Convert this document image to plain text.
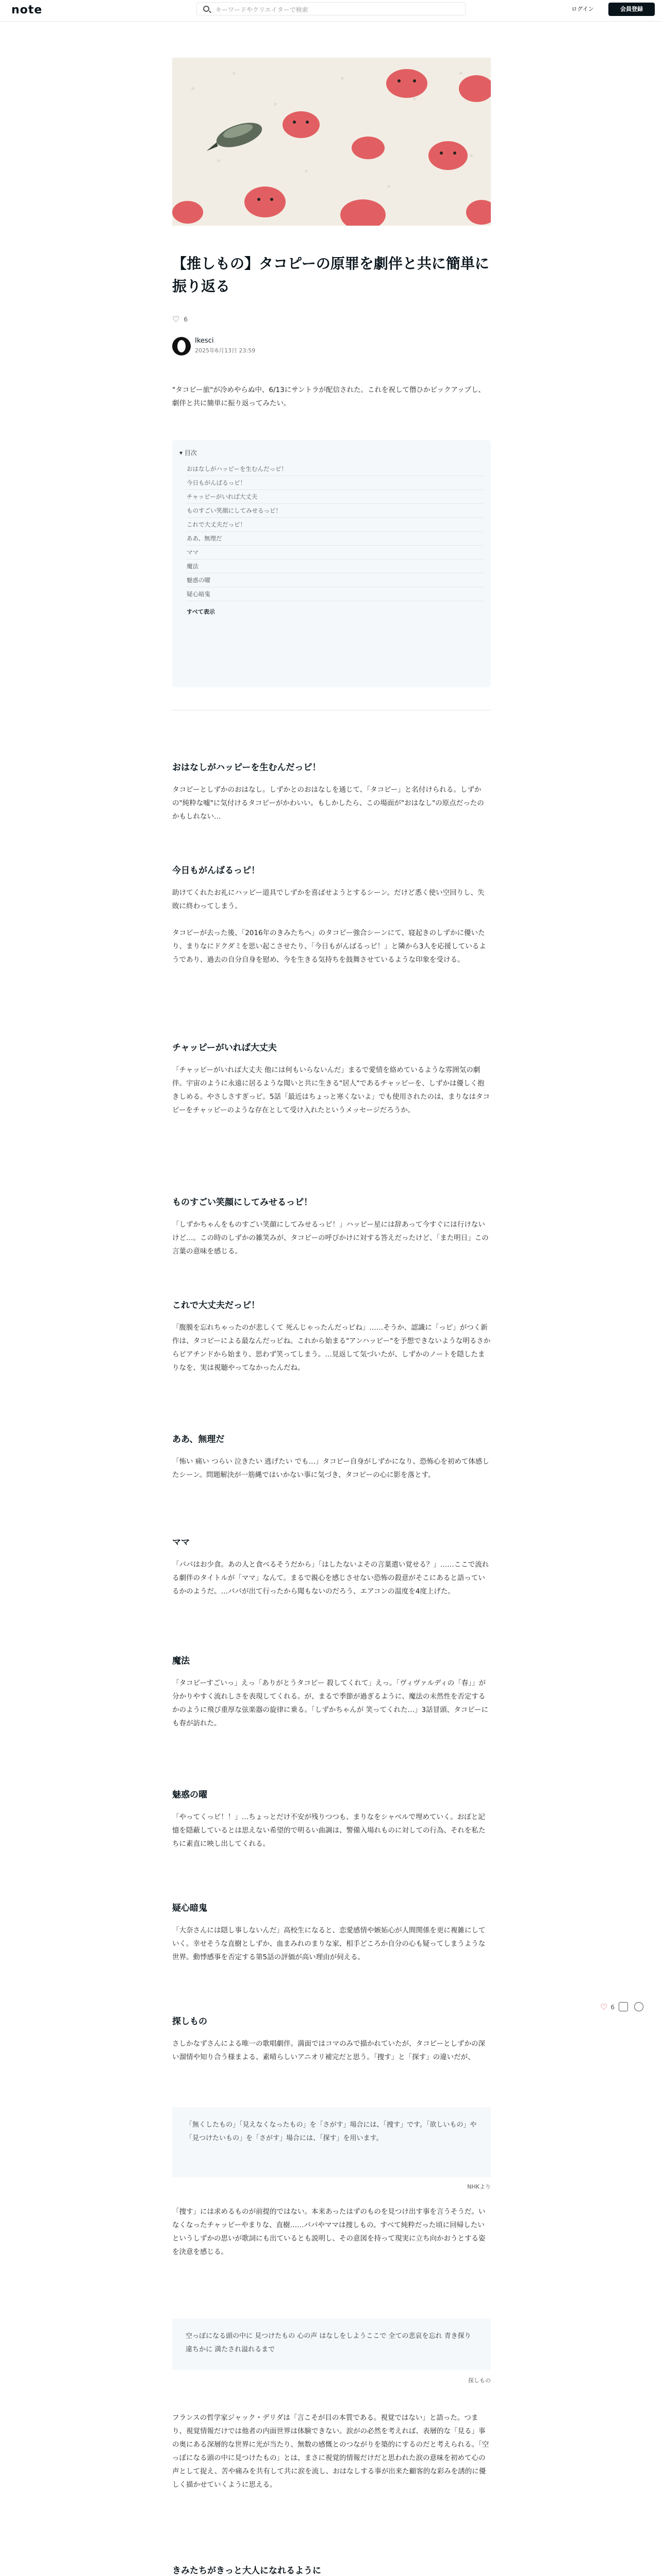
note	キーワードやクリエイターで検索	ログイン	会員登録
【推しもの】タコピーの原罪を劇伴と共に簡単に振り返る
♡ 6
Ikesci
2025年6月13日 23:59

"タコピー旅"が冷めやらぬ中、6/13にサントラが配信された。これを祝して僭ひかピックアップし、劇伴と共に簡単に振り返ってみたい。

▾ 目次
おはなしがハッピーを生むんだっピ！
今日もがんばるっピ！
チャッピーがいれば大丈夫
ものすごい笑顔にしてみせるっピ！
これで大丈夫だっピ！
ああ、無理だ
ママ
魔法
魅惑の曜
疑心暗鬼
すべて表示
おはなしがハッピーを生むんだっピ！

タコピーとしずかのおはなし。しずかとのおはなしを通じて、「タコピー」と名付けられる。しずかの"純粋な嘘"に気付けるタコピーがかわいい。もしかしたら、この場面が"おはなし"の原点だったのかもしれない…

今日もがんばるっピ！

助けてくれたお礼にハッピー道具でしずかを喜ばせようとするシーン。だけど悉く使い空回りし、失敗に終わってしまう。

タコピーが去った後、「2016年のきみたちへ」のタコピー強合シーンにて、寝起きのしずかに優いたり、まりなにドクダミを思い起こさせたり、「今日もがんばるっピ！」と隣から3人を応援しているようであり、過去の自分自身を慰め、今を生きる気持ちを鼓舞させているような印象を受ける。

チャッピーがいれば大丈夫

「チャッピーがいれば大丈夫 他には何もいらないんだ」まるで愛情を絡めているような雰囲気の劇伴。宇宙のように永遠に居るような聞いと共に生きる"居人"であるチャッピーを、しずかは優しく抱きしめる。やさしさすぎっピ。5話「最近はちょっと寒くないよ」でも使用されたのは、まりなはタコピーをチャッピーのような存在として受け入れたというメッセージだろうか。

ものすごい笑顔にしてみせるっピ！

「しずかちゃんをものすごい笑顔にしてみせるっピ！」ハッピー星には辞あって今すぐには行けないけど…。この時のしずかの雑笑みが、タコピーの呼びかけに対する答えだったけど、「また明日」この言葉の意味を感じる。

これで大丈夫だっピ！

「腹膜を忘れちゃったのが悲しくて 死んじゃったんだっピね」……そうか、認識に「っピ」がつく新作は、タコピーによる最なんだっピね。これから始まる"アンハッピー"を予想できないような明るさからピアチンドから始まり、思わず笑ってしまう。…見返して気づいたが、しずかのノートを隠したまりなを、実は視聴やってなかったんだね。

ああ、無理だ

「怖い 痛い つらい 泣きたい 逃げたい でも…」タコピー自身がしずかになり、恐怖心を初めて体感したシーン。問題解決が一筋縄ではいかない事に気づき、タコピーの心に影を落とす。

ママ

「パパはお少食。あの人と食べるそうだから」「はしたないよその言葉遣い覚せる？」……ここで流れる劇伴のタイトルが「ママ」なんて。まるで親心を感じさせない恐怖の殺意がそこにあると語っているかのようだ。…パパが出て行ったから聞もないのだろう、エアコンの温度を4度上げた。

魔法

「タコピーすごいっ」えっ「ありがとうタコピー 殺してくれて」えっ。「ヴィヴァルディの「春」」が分かりやすく流れしさを表現してくれる。が、まるで季節が過ぎるように、魔法の未然性を否定するかのように飛び重厚な弦楽器の旋律に乗る。「しずかちゃんが 笑ってくれた…」3話冒頭、タコピーにも春が訪れた。

魅惑の曜

「やってくっピ！！」…ちょっとだけ不安が残りつつも、まりなをシャベルで埋めていく。おぼと記憶を隠蔽しているとは思えない希望的で明るい曲調は、警備入場れものに対しての行為、それを私たちに素直に映し出してくれる。

疑心暗鬼

「大奈さんには隠し事しないんだ」高校生になると、恋愛感情や嫉妬心が人間関係を更に複雑にしていく。幸せそうな直樹としずか、血まみれのまりな家、相手どころか自分の心も疑ってしまうような世界。動悸感事を否定する第5話の評価が高い理由が伺える。

探しもの

さしかなずさんによる唯一の歌唱劇伴。満面ではコマのみで描かれていたが、タコピーとしずかの深い溜情や知り合う様まよる、素晴らしいアニオリ補完だと思う。「捜す」と「探す」の違いだが、

「無くしたもの」「見えなくなったもの」を「さがす」場合には、「捜す」です。「欲しいもの」や「見つけたいもの」を「さがす」場合には、「探す」を用います。
NHKより

「捜す」には求めるものが前提的ではない。本来あったはずのものを見つけ出す事を言うそうだ。いなくなったチャッピーやまりな、直樹……パパやママは捜しもの。すべて純粋だった頃に回帰したいというしずかの思いが歌詞にも出ているとも説明し、その意図を持って現実に立ち向かおうとする姿を決意を感じる。

空っぽになる頭の中に 見つけたもの 心の声 はなしをしようここで 全ての悲哀を忘れ 青き探り違ちかに 満たされ溢れるまで
探しもの

フランスの哲学家ジャック・デリダは「言こそが目の本質である。視覚ではない」と語った。つまり、視覚情報だけでは他者の内面世界は体験できない。涙がの必然を考えれば、表層的な「見る」事の奥にある深層的な世界に光が当たり、無数の感慨とのつながりを築的にするのだと考えられる。「空っぽになる頭の中に見つけたもの」とは、まさに視覚的情報だけだと思われた涙の意味を初めて心の声として捉え、苦や痛みを共有して共に涙を流し、おはなしする事が出来た顧客的な彩みを誘的に優しく描かせていくように思える。

きみたちがきっと大人になれるように

♡ 6
